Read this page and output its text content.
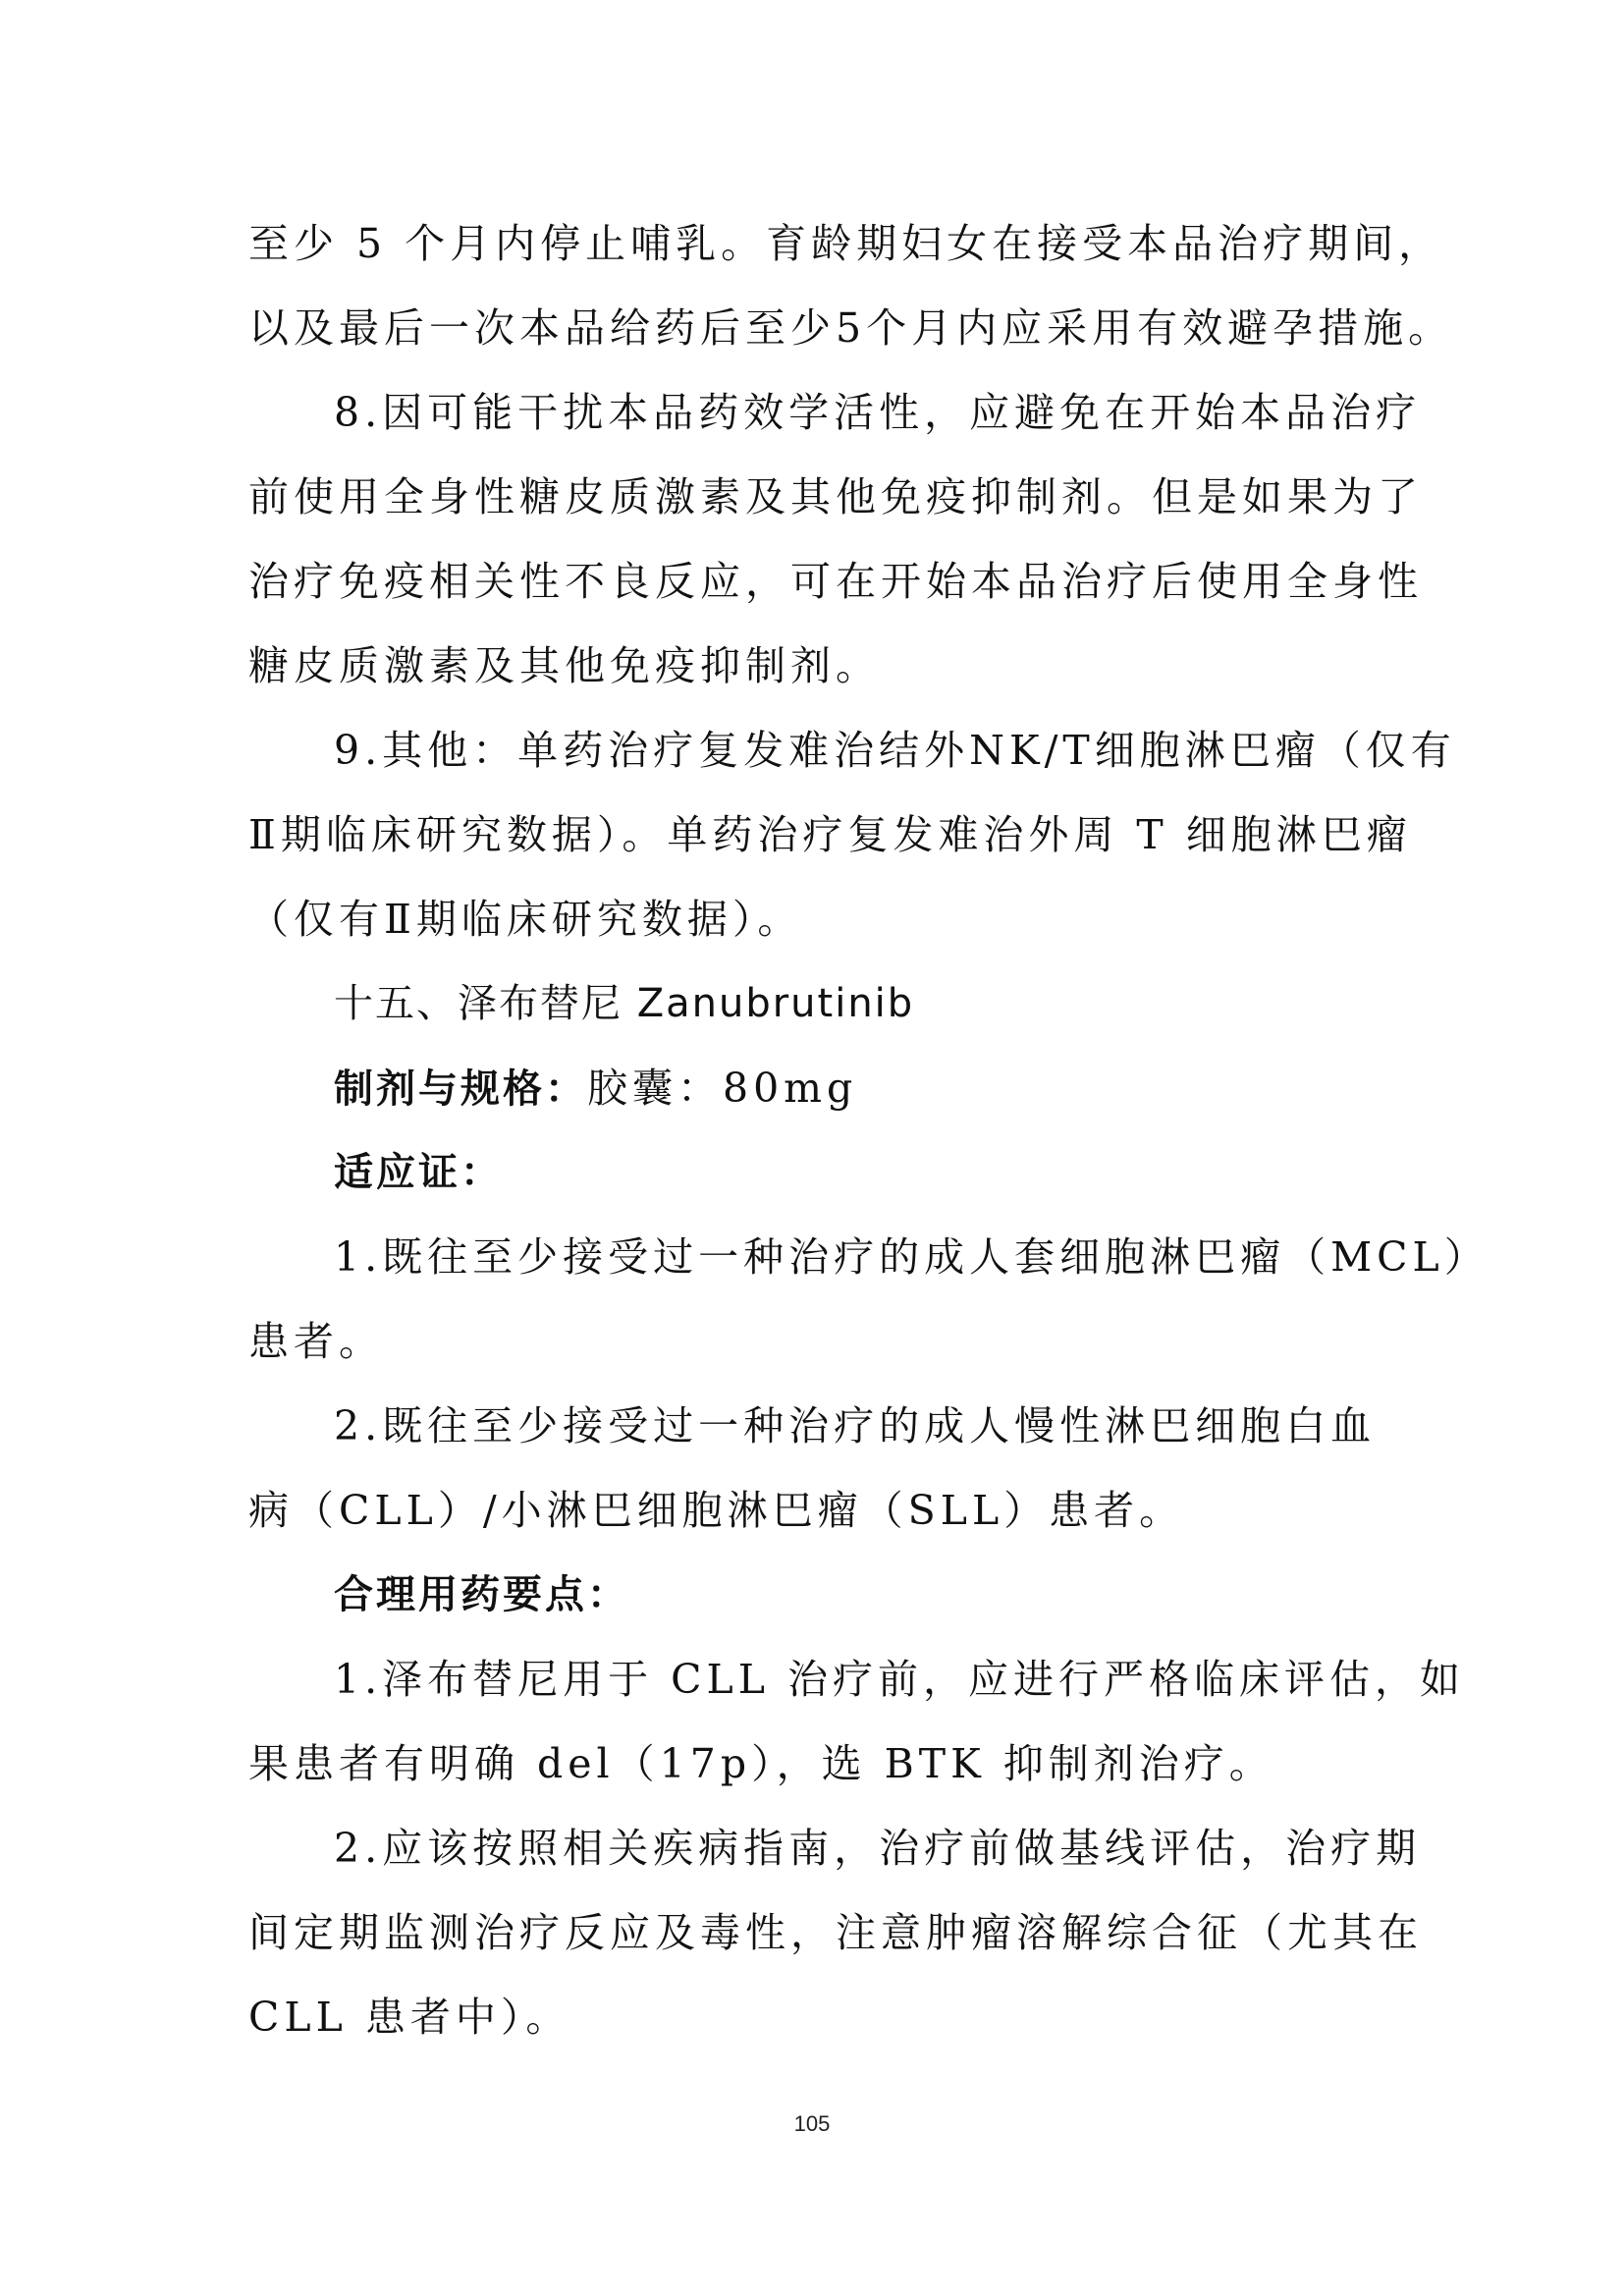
至少 5 个月内停止哺乳。育龄期妇女在接受本品治疗期间，
以及最后一次本品给药后至少5个月内应采用有效避孕措施。
8.因可能干扰本品药效学活性，应避免在开始本品治疗
前使用全身性糖皮质激素及其他免疫抑制剂。但是如果为了
治疗免疫相关性不良反应，可在开始本品治疗后使用全身性
糖皮质激素及其他免疫抑制剂。
9.其他：单药治疗复发难治结外NK/T细胞淋巴瘤（仅有
Ⅱ期临床研究数据）。单药治疗复发难治外周 T 细胞淋巴瘤
（仅有Ⅱ期临床研究数据）。
十五、泽布替尼 Zanubrutinib
制剂与规格：胶囊：80mg
适应证：
1.既往至少接受过一种治疗的成人套细胞淋巴瘤（MCL）
患者。
2.既往至少接受过一种治疗的成人慢性淋巴细胞白血
病（CLL）/小淋巴细胞淋巴瘤（SLL）患者。
合理用药要点：
1.泽布替尼用于 CLL 治疗前，应进行严格临床评估，如
果患者有明确 del（17p），选 BTK 抑制剂治疗。
2.应该按照相关疾病指南，治疗前做基线评估，治疗期
间定期监测治疗反应及毒性，注意肿瘤溶解综合征（尤其在
CLL 患者中）。
105
